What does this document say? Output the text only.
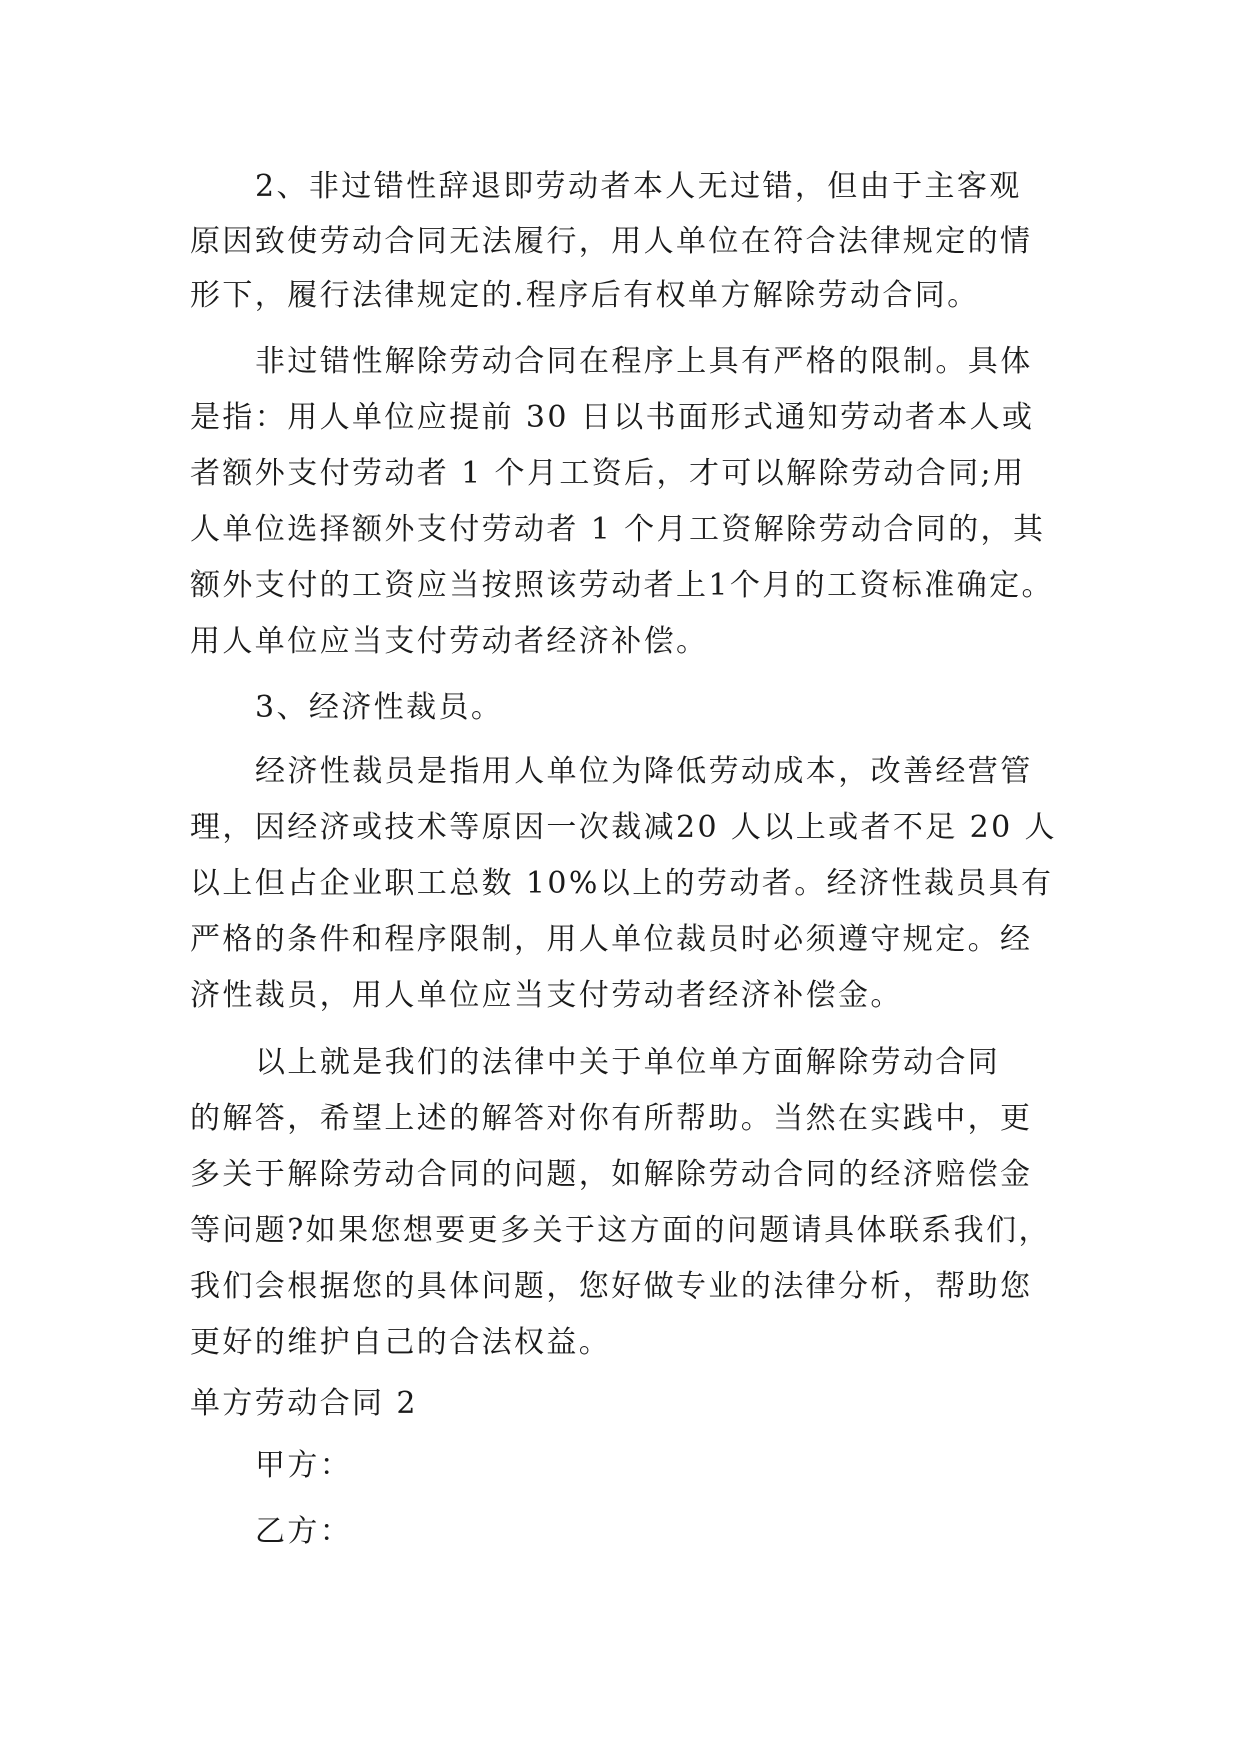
2、非过错性辞退即劳动者本人无过错，但由于主客观
原因致使劳动合同无法履行，用人单位在符合法律规定的情
形下，履行法律规定的.程序后有权单方解除劳动合同。
非过错性解除劳动合同在程序上具有严格的限制。具体
是指：用人单位应提前 30 日以书面形式通知劳动者本人或
者额外支付劳动者 1 个月工资后，才可以解除劳动合同;用
人单位选择额外支付劳动者 1 个月工资解除劳动合同的，其
额外支付的工资应当按照该劳动者上1个月的工资标准确定。
用人单位应当支付劳动者经济补偿。
3、经济性裁员。
经济性裁员是指用人单位为降低劳动成本，改善经营管
理，因经济或技术等原因一次裁减20 人以上或者不足 20 人
以上但占企业职工总数 10%以上的劳动者。经济性裁员具有
严格的条件和程序限制，用人单位裁员时必须遵守规定。经
济性裁员，用人单位应当支付劳动者经济补偿金。
以上就是我们的法律中关于单位单方面解除劳动合同
的解答，希望上述的解答对你有所帮助。当然在实践中，更
多关于解除劳动合同的问题，如解除劳动合同的经济赔偿金
等问题?如果您想要更多关于这方面的问题请具体联系我们，
我们会根据您的具体问题，您好做专业的法律分析，帮助您
更好的维护自己的合法权益。
单方劳动合同 2
甲方：
乙方：
